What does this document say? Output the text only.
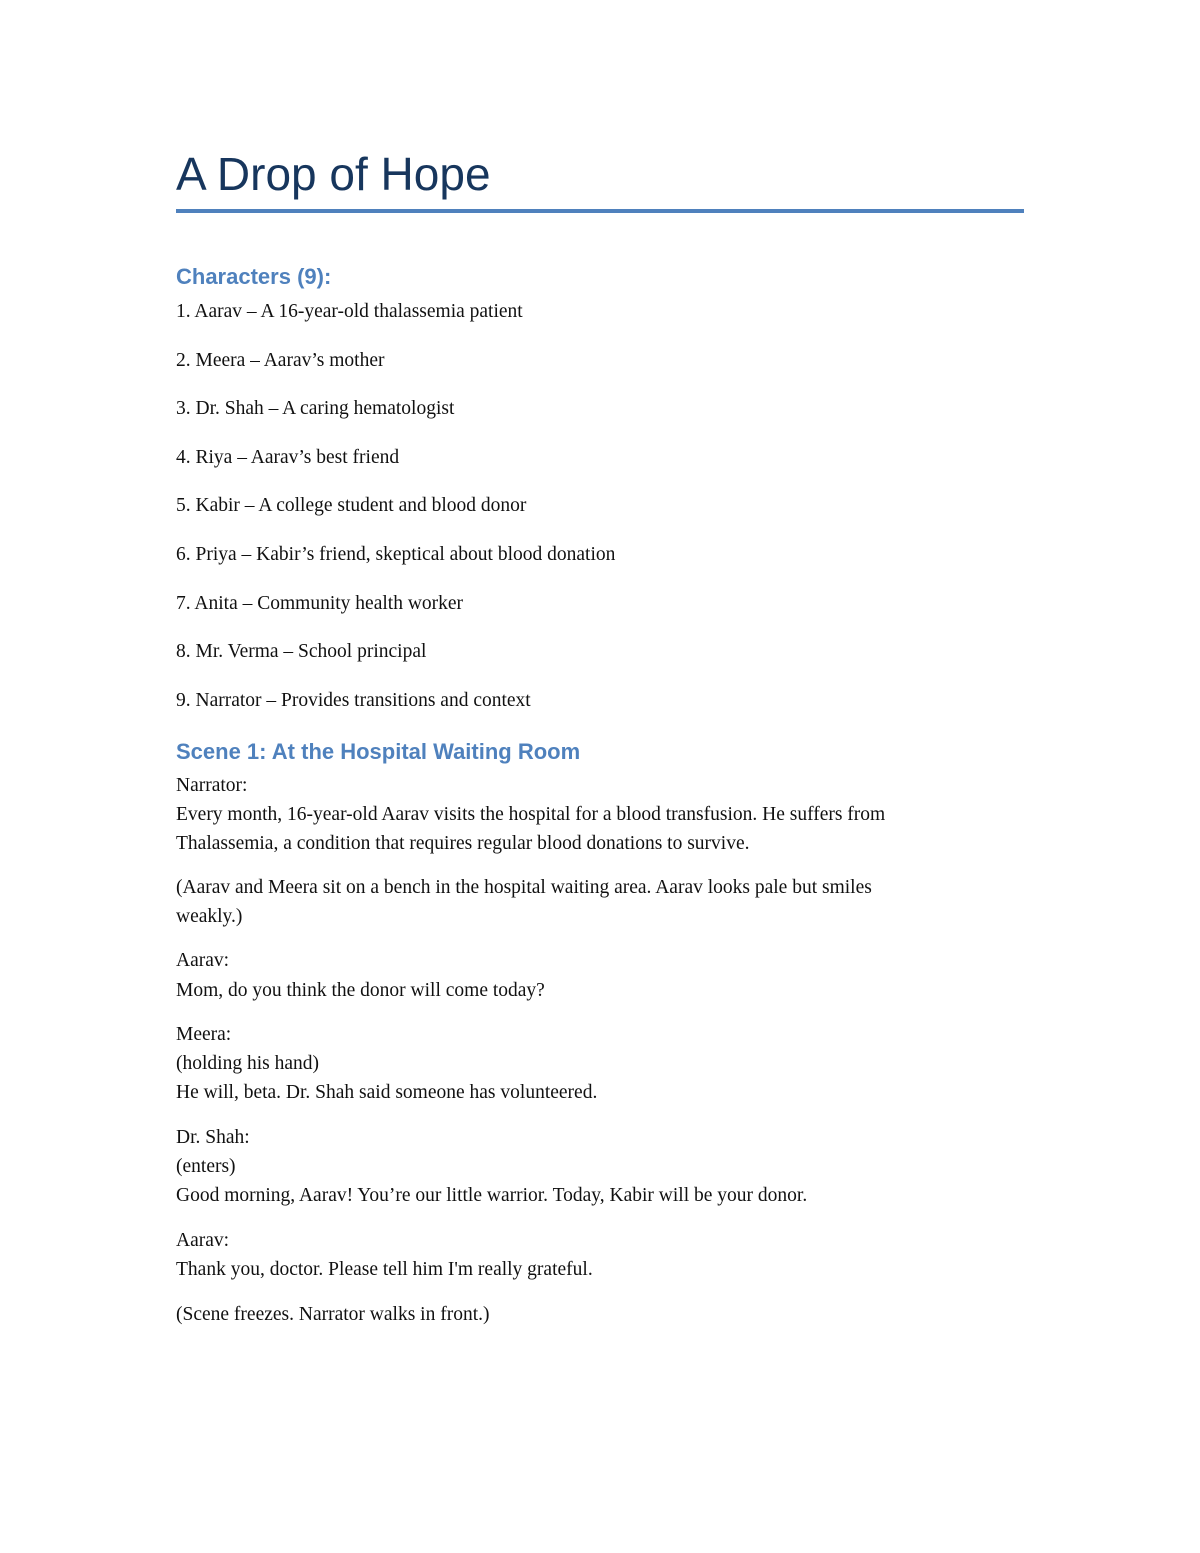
A Drop of Hope
Characters (9):
1. Aarav – A 16-year-old thalassemia patient
2. Meera – Aarav’s mother
3. Dr. Shah – A caring hematologist
4. Riya – Aarav’s best friend
5. Kabir – A college student and blood donor
6. Priya – Kabir’s friend, skeptical about blood donation
7. Anita – Community health worker
8. Mr. Verma – School principal
9. Narrator – Provides transitions and context
Scene 1: At the Hospital Waiting Room
Narrator:
Every month, 16-year-old Aarav visits the hospital for a blood transfusion. He suffers from
Thalassemia, a condition that requires regular blood donations to survive.
(Aarav and Meera sit on a bench in the hospital waiting area. Aarav looks pale but smiles
weakly.)
Aarav:
Mom, do you think the donor will come today?
Meera:
(holding his hand)
He will, beta. Dr. Shah said someone has volunteered.
Dr. Shah:
(enters)
Good morning, Aarav! You’re our little warrior. Today, Kabir will be your donor.
Aarav:
Thank you, doctor. Please tell him I'm really grateful.
(Scene freezes. Narrator walks in front.)
